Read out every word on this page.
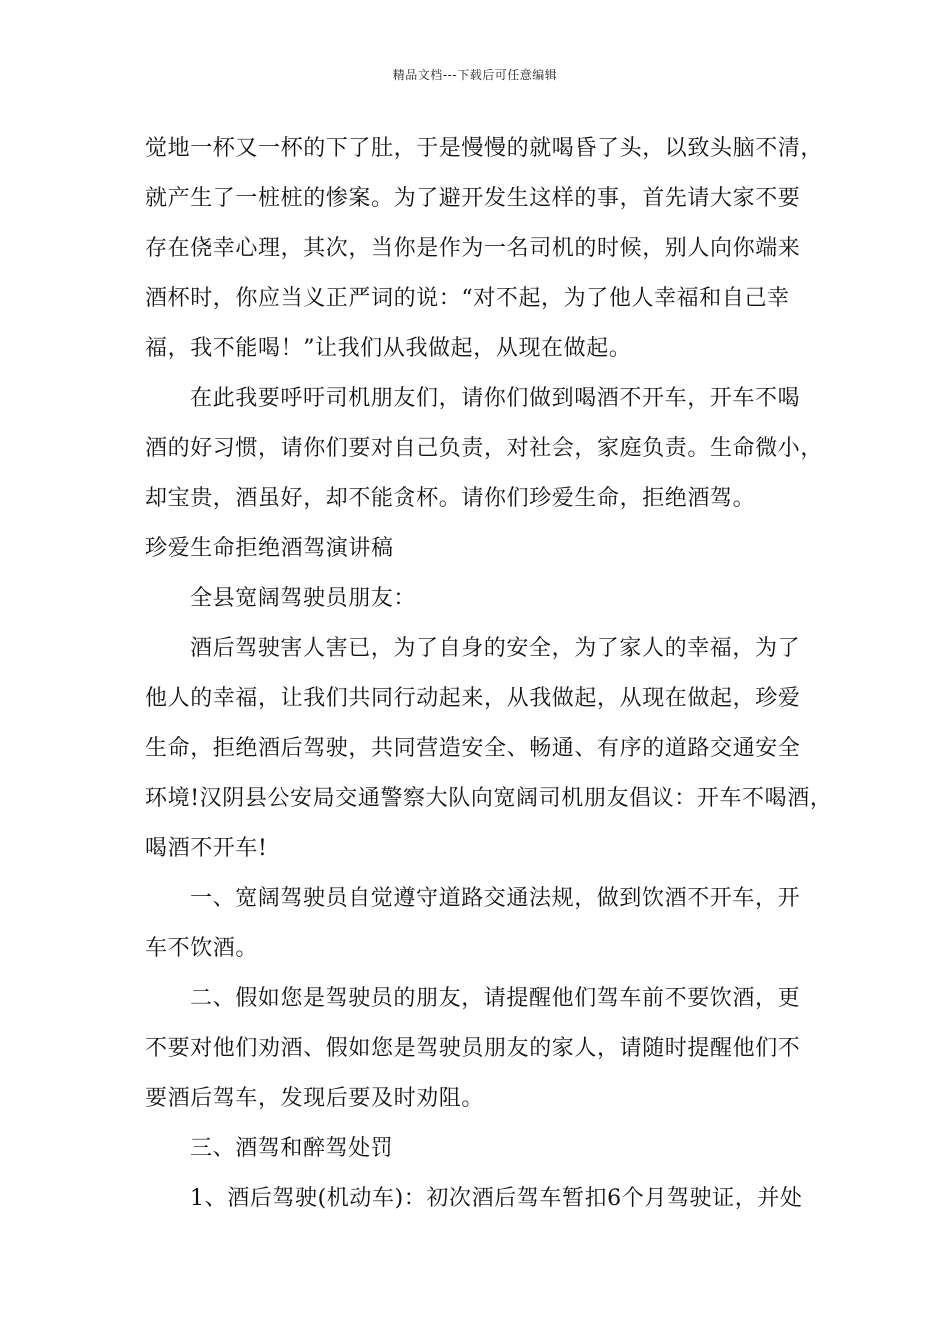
精品文档---下载后可任意编辑
觉地一杯又一杯的下了肚，于是慢慢的就喝昏了头，以致头脑不清，
就产生了一桩桩的惨案。为了避开发生这样的事，首先请大家不要
存在侥幸心理，其次，当你是作为一名司机的时候，别人向你端来
酒杯时，你应当义正严词的说：“对不起，为了他人幸福和自己幸
福，我不能喝！”让我们从我做起，从现在做起。
在此我要呼吁司机朋友们，请你们做到喝酒不开车，开车不喝
酒的好习惯，请你们要对自己负责，对社会，家庭负责。生命微小，
却宝贵，酒虽好，却不能贪杯。请你们珍爱生命，拒绝酒驾。
珍爱生命拒绝酒驾演讲稿
全县宽阔驾驶员朋友：
酒后驾驶害人害已，为了自身的安全，为了家人的幸福，为了
他人的幸福，让我们共同行动起来，从我做起，从现在做起，珍爱
生命，拒绝酒后驾驶，共同营造安全、畅通、有序的道路交通安全
环境!汉阴县公安局交通警察大队向宽阔司机朋友倡议：开车不喝酒，
喝酒不开车!
一、宽阔驾驶员自觉遵守道路交通法规，做到饮酒不开车，开
车不饮酒。
二、假如您是驾驶员的朋友，请提醒他们驾车前不要饮酒，更
不要对他们劝酒、假如您是驾驶员朋友的家人，请随时提醒他们不
要酒后驾车，发现后要及时劝阻。
三、酒驾和醉驾处罚
1、酒后驾驶(机动车)：初次酒后驾车暂扣6个月驾驶证，并处
